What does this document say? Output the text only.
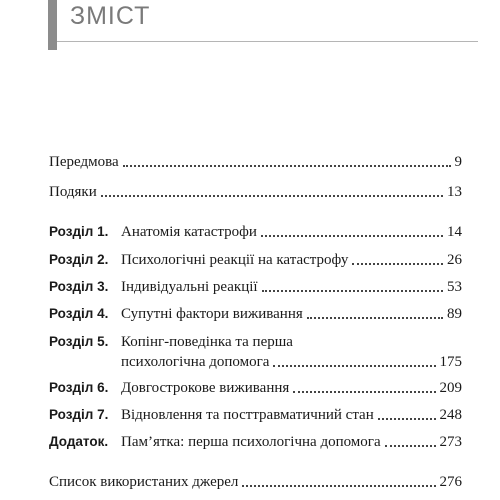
ЗМІСТ
Передмова	9
Подяки	13
Розділ 1. Анатомія катастрофи	14
Розділ 2. Психологічні реакції на катастрофу	26
Розділ 3. Індивідуальні реакції	53
Розділ 4. Супутні фактори виживання	89
Розділ 5. Копінг-поведінка та перша
психологічна допомога	175
Розділ 6. Довгострокове виживання	209
Розділ 7. Відновлення та посттравматичний стан	248
Додаток. Пам’ятка: перша психологічна допомога	273
Список використаних джерел	276
